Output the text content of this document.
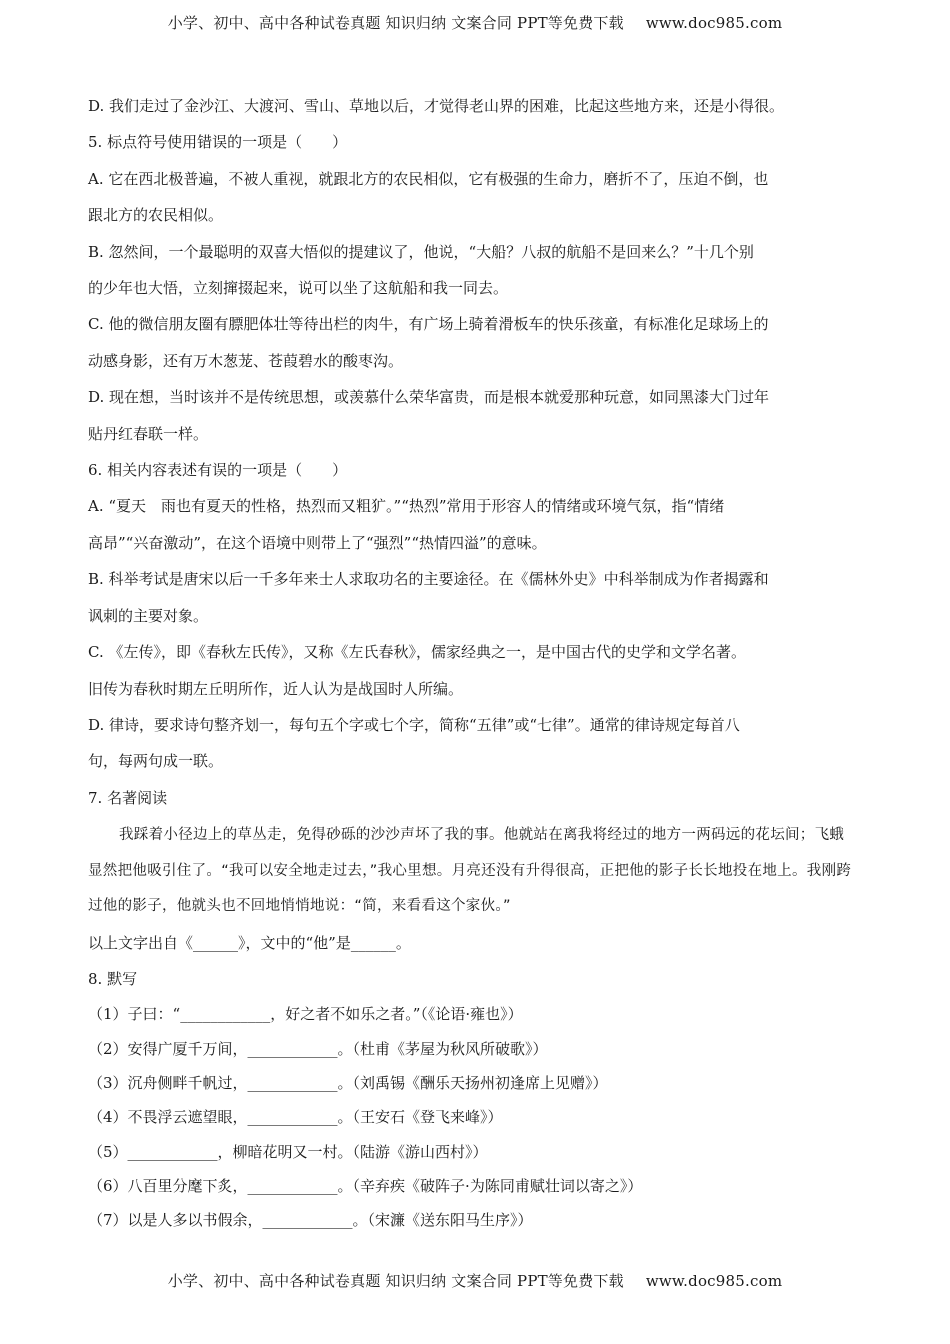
小学、初中、高中各种试卷真题 知识归纳 文案合同 PPT等免费下载 www.doc985.com

D. 我们走过了金沙江、大渡河、雪山、草地以后，才觉得老山界的困难，比起这些地方来，还是小得很。

5. 标点符号使用错误的一项是（　　）

A. 它在西北极普遍，不被人重视，就跟北方的农民相似，它有极强的生命力，磨折不了，压迫不倒，也

跟北方的农民相似。

B. 忽然间，一个最聪明的双喜大悟似的提建议了，他说，“大船？八叔的航船不是回来么？”十几个别

的少年也大悟，立刻撺掇起来，说可以坐了这航船和我一同去。

C. 他的微信朋友圈有膘肥体壮等待出栏的肉牛，有广场上骑着滑板车的快乐孩童，有标准化足球场上的

动感身影，还有万木葱茏、苍葭碧水的酸枣沟。

D. 现在想，当时该并不是传统思想，或羡慕什么荣华富贵，而是根本就爱那种玩意，如同黑漆大门过年

贴丹红春联一样。

6. 相关内容表述有误的一项是（　　）

A. “夏天　雨也有夏天的性格，热烈而又粗犷。”“热烈”常用于形容人的情绪或环境气氛，指“情绪

高昂”“兴奋激动”，在这个语境中则带上了“强烈”“热情四溢”的意味。

B. 科举考试是唐宋以后一千多年来士人求取功名的主要途径。在《儒林外史》中科举制成为作者揭露和

讽刺的主要对象。

C. 《左传》，即《春秋左氏传》，又称《左氏春秋》，儒家经典之一，是中国古代的史学和文学名著。

旧传为春秋时期左丘明所作，近人认为是战国时人所编。

D. 律诗，要求诗句整齐划一，每句五个字或七个字，简称“五律”或“七律”。通常的律诗规定每首八

句，每两句成一联。

7. 名著阅读

我踩着小径边上的草丛走，免得砂砾的沙沙声坏了我的事。他就站在离我将经过的地方一两码远的花坛间；飞蛾显然把他吸引住了。“我可以安全地走过去，”我心里想。月亮还没有升得很高，正把他的影子长长地投在地上。我刚跨过他的影子，他就头也不回地悄悄地说：“简，来看看这个家伙。”

以上文字出自《______》，文中的“他”是______。

8. 默写

（1）子曰：“____________，好之者不如乐之者。”（《论语·雍也》）

（2）安得广厦千万间，____________。（杜甫《茅屋为秋风所破歌》）

（3）沉舟侧畔千帆过，____________。（刘禹锡《酬乐天扬州初逢席上见赠》）

（4）不畏浮云遮望眼，____________。（王安石《登飞来峰》）

（5）____________，柳暗花明又一村。（陆游《游山西村》）

（6）八百里分麾下炙，____________。（辛弃疾《破阵子·为陈同甫赋壮词以寄之》）

（7）以是人多以书假余，____________。（宋濂《送东阳马生序》）

小学、初中、高中各种试卷真题 知识归纳 文案合同 PPT等免费下载 www.doc985.com
